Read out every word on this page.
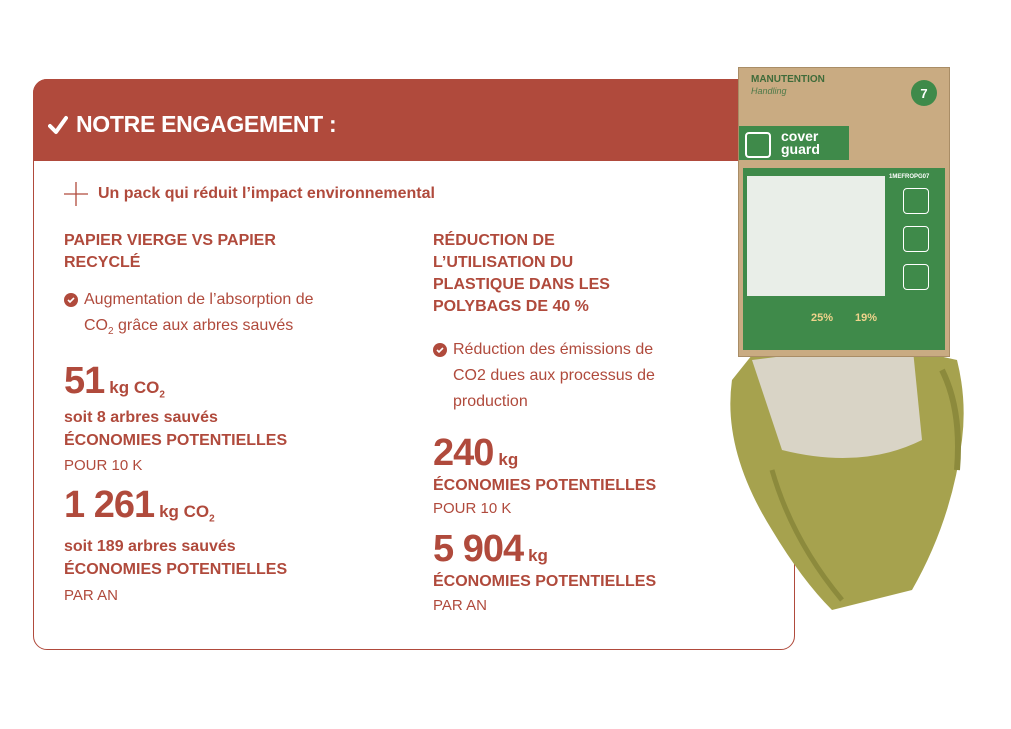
NOTRE ENGAGEMENT :
Un pack qui réduit l’impact environnemental
PAPIER VIERGE VS PAPIER
RECYCLÉ
Augmentation de l’absorption de
$CO_2$ grâce aux arbres sauvés
51 kg $CO_2$
soit 8 arbres sauvés
ÉCONOMIES POTENTIELLES
POUR 10 K
1 261 kg $CO_2$
soit 189 arbres sauvés
ÉCONOMIES POTENTIELLES
PAR AN
RÉDUCTION DE
L’UTILISATION DU
PLASTIQUE DANS LES
POLYBAGS DE 40 %
Réduction des émissions de
CO2 dues aux processus de
production
240 kg
ÉCONOMIES POTENTIELLES
POUR 10 K
5 904 kg
ÉCONOMIES POTENTIELLES
PAR AN
MANUTENTION
Handling	7
cover
guard
1MEFROPG07
25% 19%
